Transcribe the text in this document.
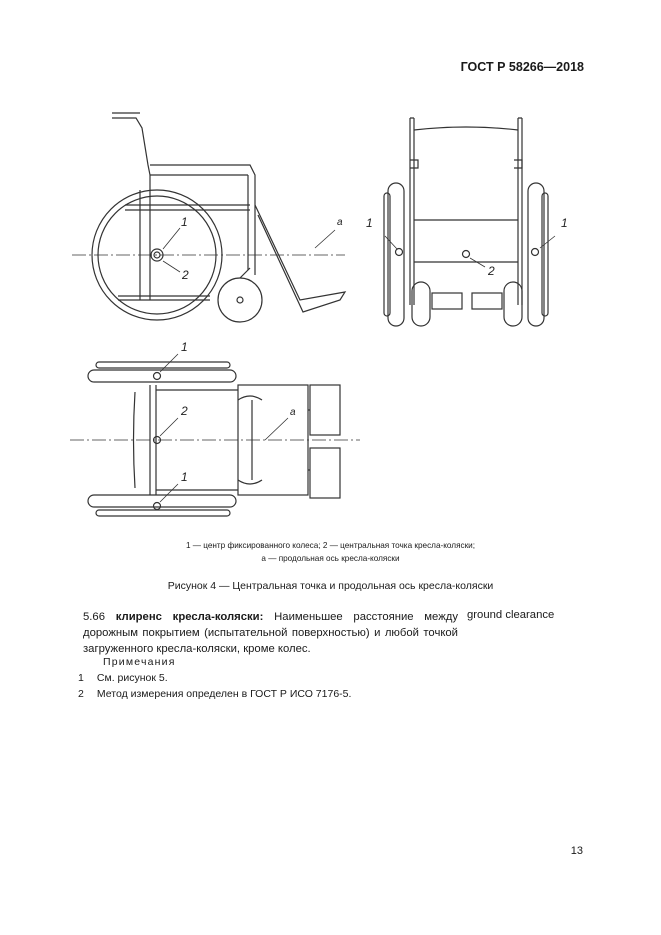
ГОСТ Р 58266—2018
1
2
a 1
2
1
1
2	a
1
1 — центр фиксированного колеса; 2 — центральная точка кресла-коляски;
a — продольная ось кресла-коляски
Рисунок 4 — Центральная точка и продольная ось кресла-коляски
5.66 клиренс кресла-коляски: Наименьшее расстояние между дорожным покрытием (испытательной поверхностью) и любой точкой загруженного кресла-коляски, кроме колес.
ground clearance
Примечания
1 См. рисунок 5.
2 Метод измерения определен в ГОСТ Р ИСО 7176-5.
13
